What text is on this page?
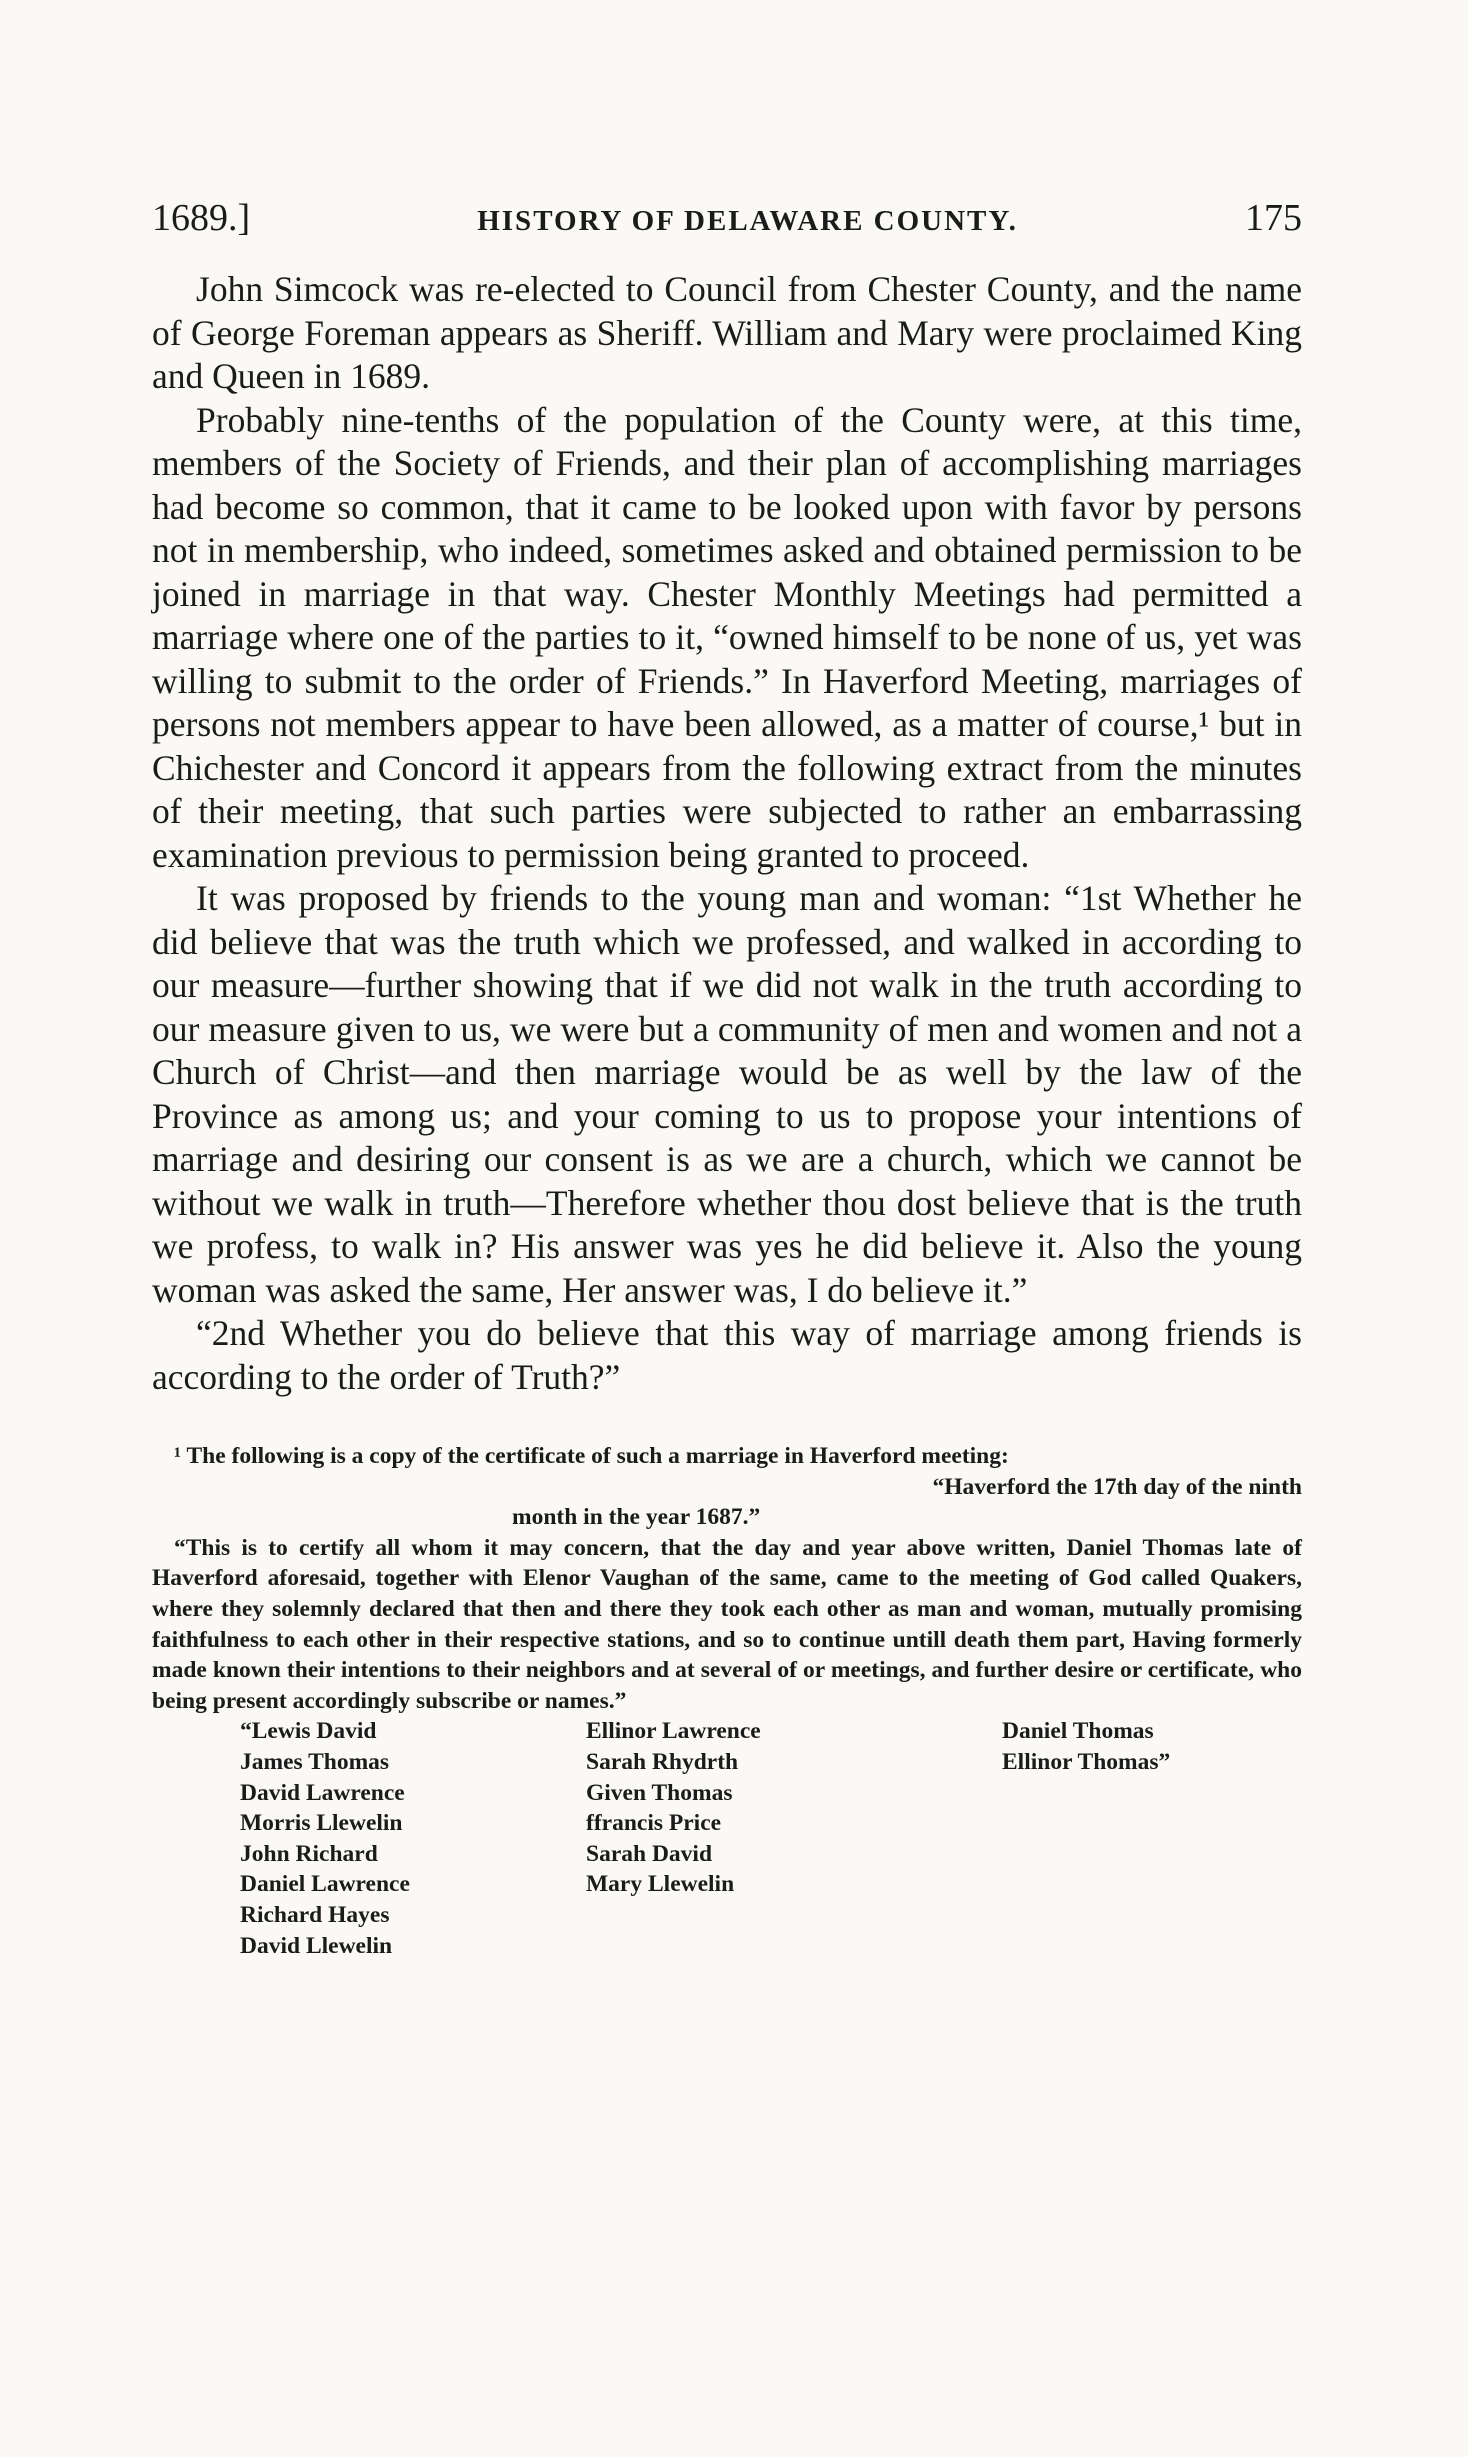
1689.]	HISTORY OF DELAWARE COUNTY.	175

John Simcock was re-elected to Council from Chester County, and the name of George Foreman appears as Sheriff. William and Mary were proclaimed King and Queen in 1689.

Probably nine-tenths of the population of the County were, at this time, members of the Society of Friends, and their plan of accomplishing marriages had become so common, that it came to be looked upon with favor by persons not in membership, who indeed, sometimes asked and obtained permission to be joined in marriage in that way. Chester Monthly Meetings had permitted a marriage where one of the parties to it, “owned himself to be none of us, yet was willing to submit to the order of Friends.” In Haverford Meeting, marriages of persons not members appear to have been allowed, as a matter of course,¹ but in Chichester and Concord it appears from the following extract from the minutes of their meeting, that such parties were subjected to rather an embarrassing examination previous to permission being granted to proceed.

It was proposed by friends to the young man and woman: “1st Whether he did believe that was the truth which we professed, and walked in according to our measure—further showing that if we did not walk in the truth according to our measure given to us, we were but a community of men and women and not a Church of Christ—and then marriage would be as well by the law of the Province as among us; and your coming to us to propose your intentions of marriage and desiring our consent is as we are a church, which we cannot be without we walk in truth—Therefore whether thou dost believe that is the truth we profess, to walk in? His answer was yes he did believe it. Also the young woman was asked the same, Her answer was, I do believe it.”

“2nd Whether you do believe that this way of marriage among friends is according to the order of Truth?”

¹ The following is a copy of the certificate of such a marriage in Haverford meeting:

“Haverford the 17th day of the ninth

month in the year 1687.”

“This is to certify all whom it may concern, that the day and year above written, Daniel Thomas late of Haverford aforesaid, together with Elenor Vaughan of the same, came to the meeting of God called Quakers, where they solemnly declared that then and there they took each other as man and woman, mutually promising faithfulness to each other in their respective stations, and so to continue untill death them part, Having formerly made known their intentions to their neighbors and at several of or meetings, and further desire or certificate, who being present accordingly subscribe or names.”

“Lewis David
James Thomas
David Lawrence
Morris Llewelin
John Richard
Daniel Lawrence
Richard Hayes
David Llewelin
Ellinor Lawrence
Sarah Rhydrth
Given Thomas
ffrancis Price
Sarah David
Mary Llewelin
Daniel Thomas
Ellinor Thomas”
